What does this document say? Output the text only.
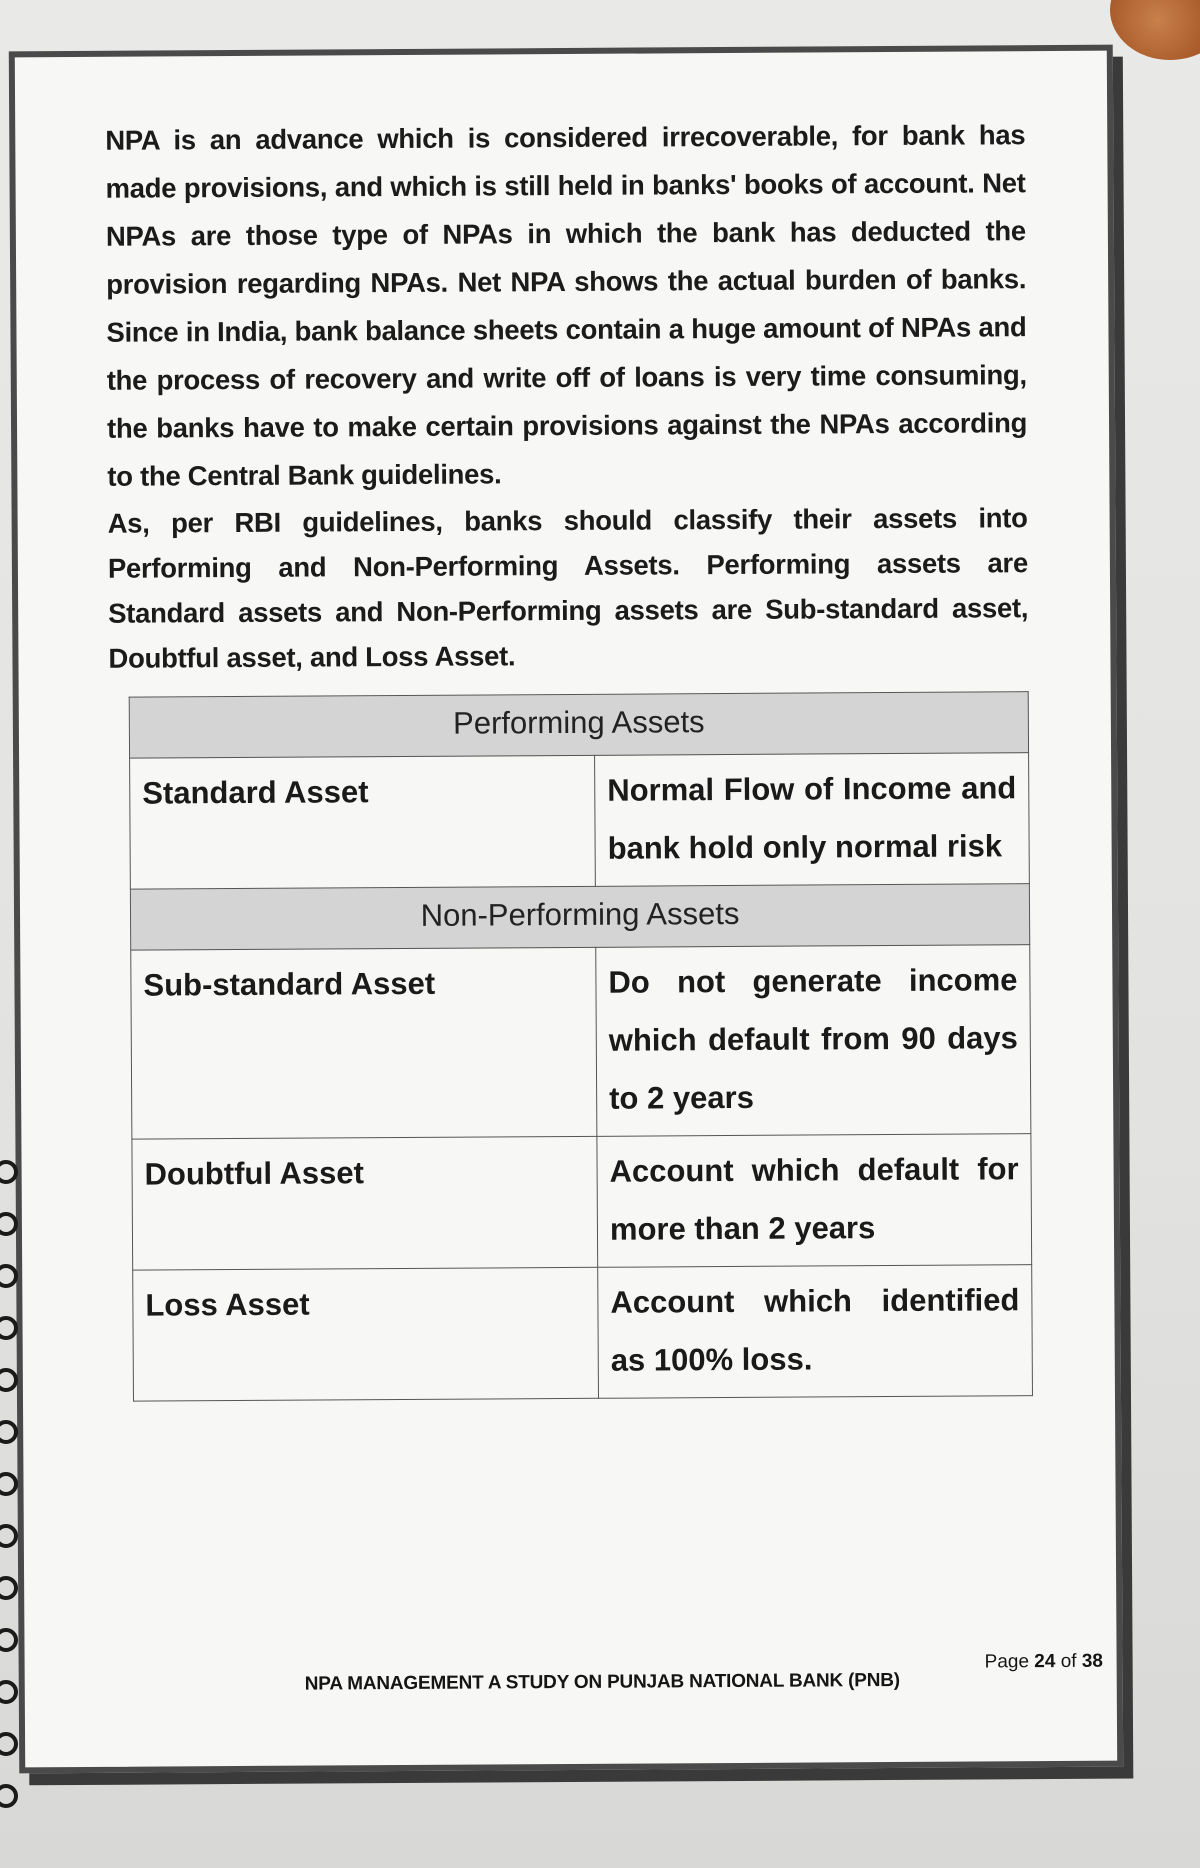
NPA is an advance which is considered irrecoverable, for bank has made provisions, and which is still held in banks' books of account. Net NPAs are those type of NPAs in which the bank has deducted the provision regarding NPAs. Net NPA shows the actual burden of banks. Since in India, bank balance sheets contain a huge amount of NPAs and the process of recovery and write off of loans is very time consuming, the banks have to make certain provisions against the NPAs according to the Central Bank guidelines.

As, per RBI guidelines, banks should classify their assets into Performing and Non-Performing Assets. Performing assets are Standard assets and Non-Performing assets are Sub-standard asset, Doubtful asset, and Loss Asset.

Performing Assets	
Standard Asset	Normal Flow of Income and bank hold only normal risk
Non-Performing Assets	
Sub-standard Asset	Do not generate income which default from 90 days to 2 years
Doubtful Asset	Account which default for more than 2 years
Loss Asset	Account which identified as 100% loss.
NPA MANAGEMENT A STUDY ON PUNJAB NATIONAL BANK (PNB)
Page 24 of 38
